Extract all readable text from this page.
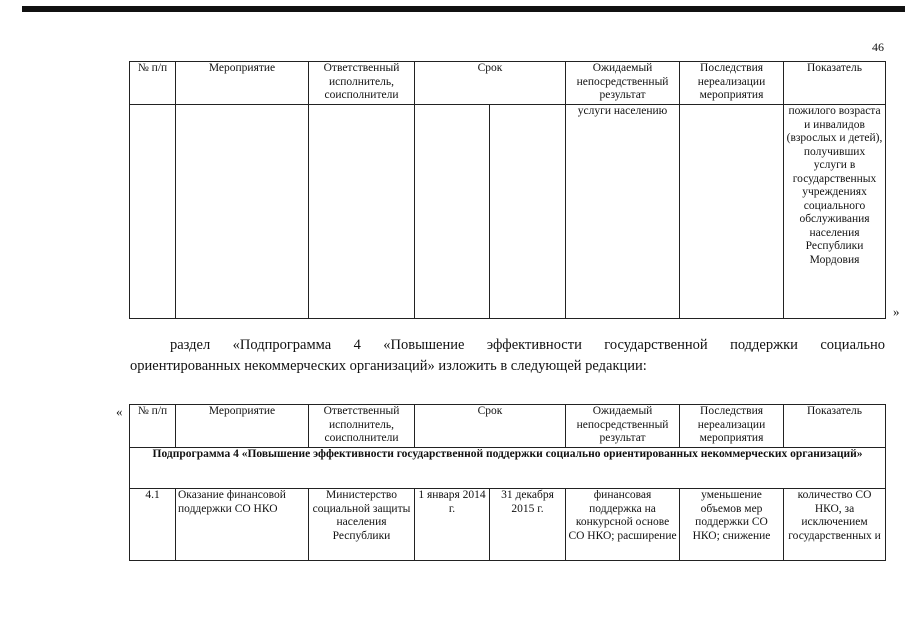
46
№ п/п	Мероприятие	Ответственный исполнитель, соисполнители	Срок		Ожидаемый непосредственный результат	Последствия нереализации мероприятия	Показатель
					услуги населению		пожилого возраста и инвалидов (взрослых и детей), получивших услуги в государственных учреждениях социального обслуживания населения Республики Мордовия
»
раздел «Подпрограмма 4 «Повышение эффективности государственной поддержки социально
ориентированных некоммерческих организаций» изложить в следующей редакции:
« № п/п	Мероприятие	Ответственный исполнитель, соисполнители	Срок		Ожидаемый непосредственный результат	Последствия нереализации мероприятия	Показатель
Подпрограмма 4 «Повышение эффективности государственной поддержки социально ориентированных некоммерческих организаций»							
4.1	Оказание финансовой поддержки СО НКО	Министерство социальной защиты населения Республики	1 января 2014 г.	31 декабря 2015 г.	финансовая поддержка на конкурсной основе СО НКО; расширение	уменьшение объемов мер поддержки СО НКО; снижение	количество СО НКО, за исключением государственных и
